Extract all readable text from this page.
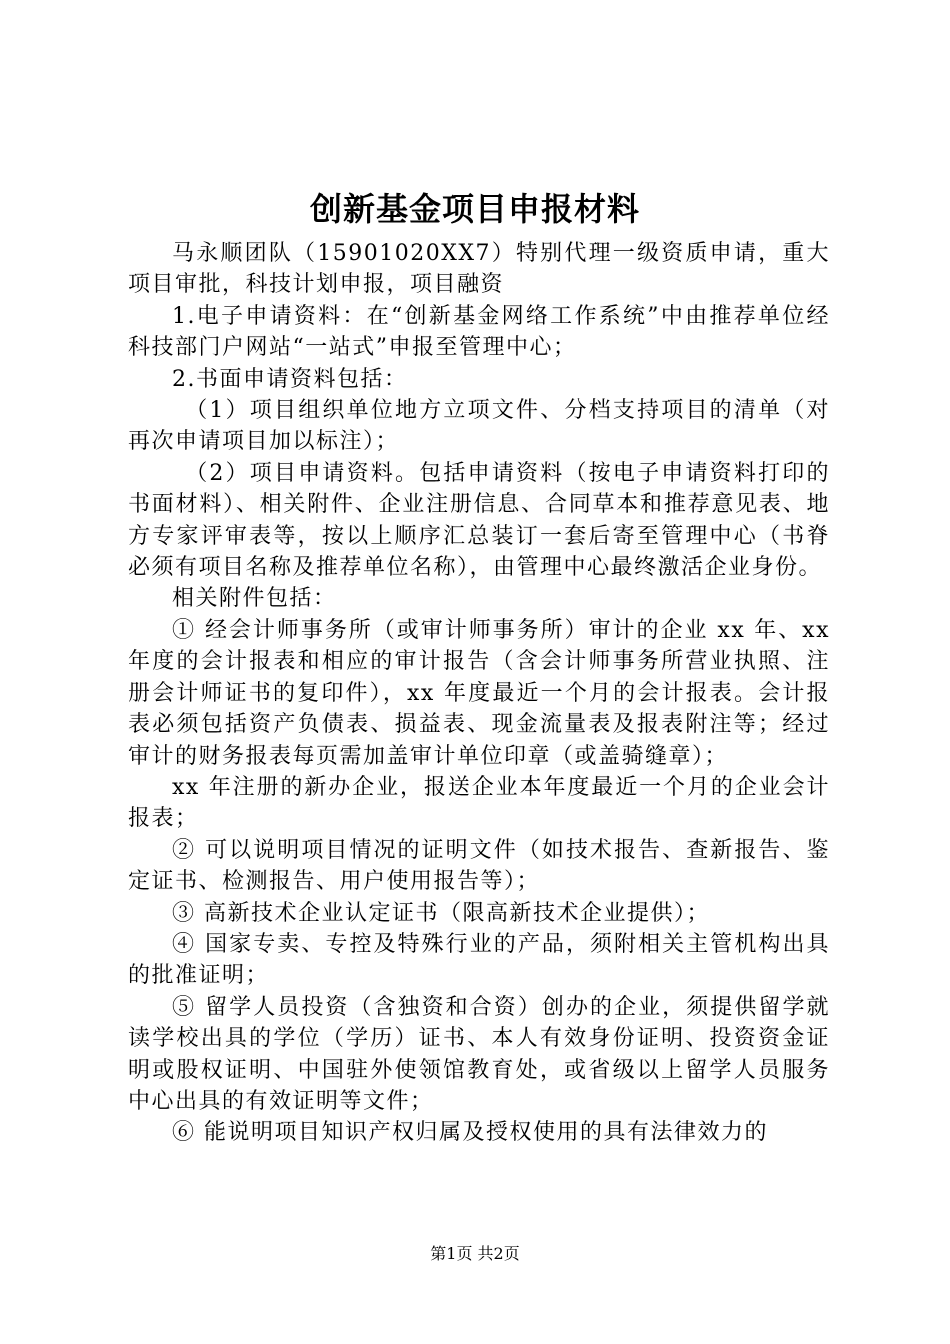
创新基金项目申报材料

马永顺团队（15901020XX7）特别代理一级资质申请，重大项目审批，科技计划申报，项目融资

1.电子申请资料：在“创新基金网络工作系统”中由推荐单位经科技部门户网站“一站式”申报至管理中心；

2.书面申请资料包括：

（1）项目组织单位地方立项文件、分档支持项目的清单（对再次申请项目加以标注）；

（2）项目申请资料。包括申请资料（按电子申请资料打印的书面材料）、相关附件、企业注册信息、合同草本和推荐意见表、地方专家评审表等，按以上顺序汇总装订一套后寄至管理中心（书脊必须有项目名称及推荐单位名称），由管理中心最终激活企业身份。

相关附件包括：

① 经会计师事务所（或审计师事务所）审计的企业 xx 年、xx 年度的会计报表和相应的审计报告（含会计师事务所营业执照、注册会计师证书的复印件），xx 年度最近一个月的会计报表。会计报表必须包括资产负债表、损益表、现金流量表及报表附注等；经过审计的财务报表每页需加盖审计单位印章（或盖骑缝章）；

xx 年注册的新办企业，报送企业本年度最近一个月的企业会计报表；

② 可以说明项目情况的证明文件（如技术报告、查新报告、鉴定证书、检测报告、用户使用报告等）；

③ 高新技术企业认定证书（限高新技术企业提供）；

④ 国家专卖、专控及特殊行业的产品，须附相关主管机构出具的批准证明；

⑤ 留学人员投资（含独资和合资）创办的企业，须提供留学就读学校出具的学位（学历）证书、本人有效身份证明、投资资金证明或股权证明、中国驻外使领馆教育处，或省级以上留学人员服务中心出具的有效证明等文件；

⑥ 能说明项目知识产权归属及授权使用的具有法律效力的

第1页 共2页
